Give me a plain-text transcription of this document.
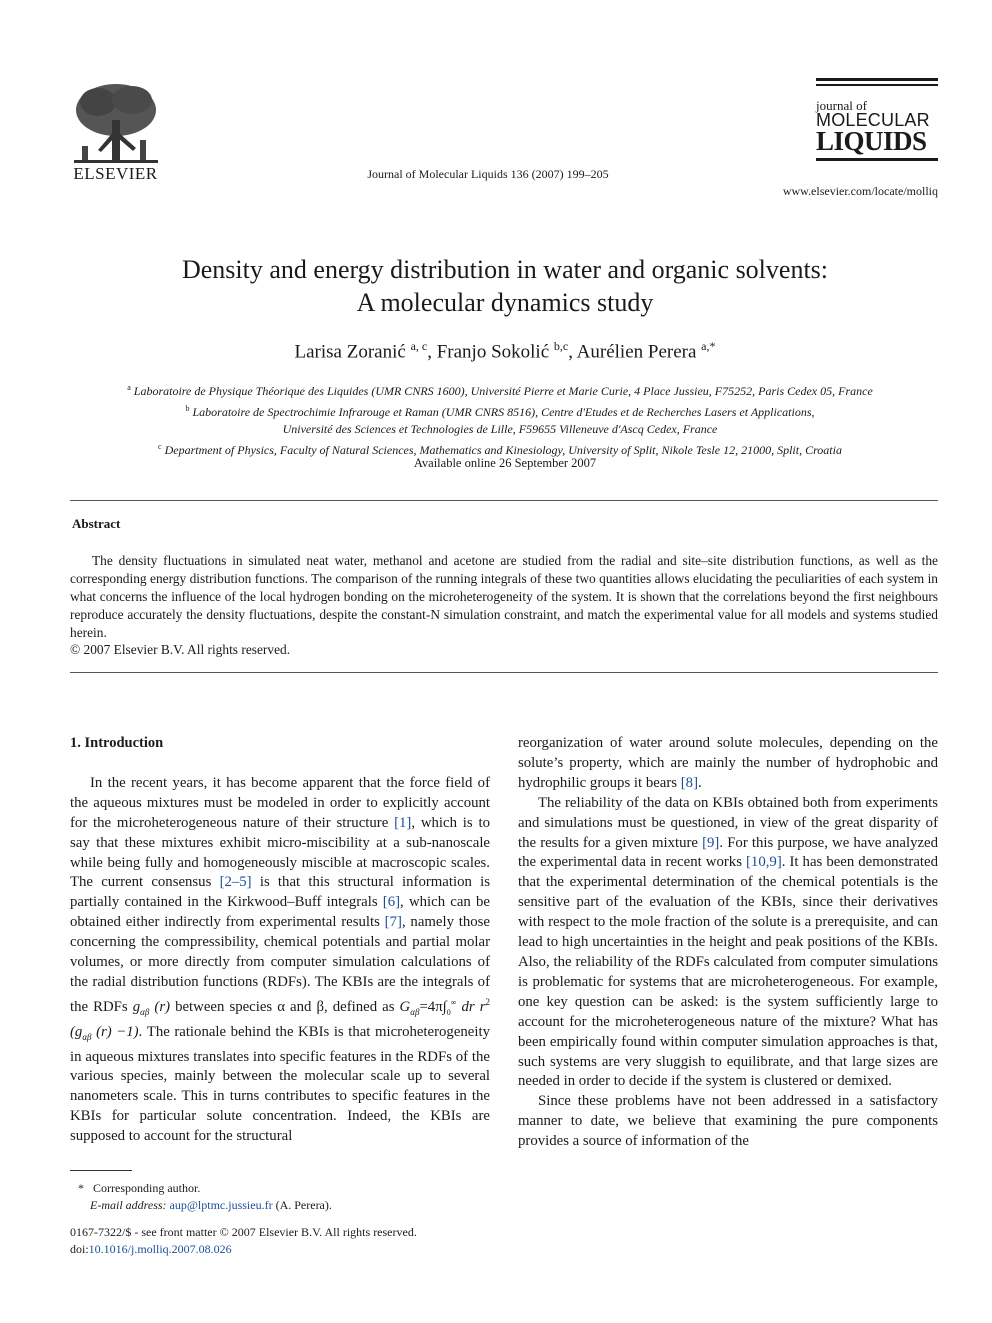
ELSEVIER	Journal of Molecular Liquids 136 (2007) 199–205
journal of
MOLECULAR
LIQUIDS
www.elsevier.com/locate/molliq
Density and energy distribution in water and organic solvents:
A molecular dynamics study
Larisa Zoranić $^{a, c}$, Franjo Sokolić $^{b,c}$, Aurélien Perera $^{a,*}$
$^a$ Laboratoire de Physique Théorique des Liquides (UMR CNRS 1600), Université Pierre et Marie Curie, 4 Place Jussieu, F75252, Paris Cedex 05, France
$^b$ Laboratoire de Spectrochimie Infrarouge et Raman (UMR CNRS 8516), Centre d'Etudes et de Recherches Lasers et Applications,
Université des Sciences et Technologies de Lille, F59655 Villeneuve d'Ascq Cedex, France
$^c$ Department of Physics, Faculty of Natural Sciences, Mathematics and Kinesiology, University of Split, Nikole Tesle 12, 21000, Split, Croatia
Available online 26 September 2007
Abstract
The density fluctuations in simulated neat water, methanol and acetone are studied from the radial and site–site distribution functions, as well as the corresponding energy distribution functions. The comparison of the running integrals of these two quantities allows elucidating the peculiarities of each system in what concerns the influence of the local hydrogen bonding on the microheterogeneity of the system. It is shown that the correlations beyond the first neighbours reproduce accurately the density fluctuations, despite the constant-N simulation constraint, and match the experimental value for all models and systems studied herein.
© 2007 Elsevier B.V. All rights reserved.

1. Introduction

In the recent years, it has become apparent that the force field of the aqueous mixtures must be modeled in order to explicitly account for the microheterogeneous nature of their structure [1], which is to say that these mixtures exhibit micro-miscibility at a sub-nanoscale while being fully and homogeneously miscible at macroscopic scales. The current consensus [2–5] is that this structural information is partially contained in the Kirkwood–Buff integrals [6], which can be obtained either indirectly from experimental results [7], namely those concerning the compressibility, chemical potentials and partial molar volumes, or more directly from computer simulation calculations of the radial distribution functions (RDFs). The KBIs are the integrals of the RDFs $g_{\alpha\beta}$ (r) between species α and β, defined as $G_{\alpha\beta}=4\pi\int_0^\infty$ dr $r^2$ ($g_{\alpha\beta}$ (r) −1). The rationale behind the KBIs is that microheterogeneity in aqueous mixtures translates into specific features in the RDFs of the various species, mainly between the molecular scale up to several nanometers scale. This in turns contributes to specific features in the KBIs for particular solute concentration. Indeed, the KBIs are supposed to account for the structural

reorganization of water around solute molecules, depending on the solute’s property, which are mainly the number of hydrophobic and hydrophilic groups it bears [8].

The reliability of the data on KBIs obtained both from experiments and simulations must be questioned, in view of the great disparity of the results for a given mixture [9]. For this purpose, we have analyzed the experimental data in recent works [10,9]. It has been demonstrated that the experimental determination of the chemical potentials is the sensitive part of the evaluation of the KBIs, since their derivatives with respect to the mole fraction of the solute is a prerequisite, and can lead to high uncertainties in the height and peak positions of the KBIs. Also, the reliability of the RDFs calculated from computer simulations is problematic for systems that are microheterogeneous. For example, one key question can be asked: is the system sufficiently large to account for the microheterogeneous nature of the mixture? What has been empirically found within computer simulation approaches is that, such systems are very sluggish to equilibrate, and that large sizes are needed in order to decide if the system is clustered or demixed.

Since these problems have not been addressed in a satisfactory manner to date, we believe that examining the pure components provides a source of information of the

* Corresponding author.
E-mail address: aup@lptmc.jussieu.fr (A. Perera).
0167-7322/$ - see front matter © 2007 Elsevier B.V. All rights reserved.
doi:10.1016/j.molliq.2007.08.026
